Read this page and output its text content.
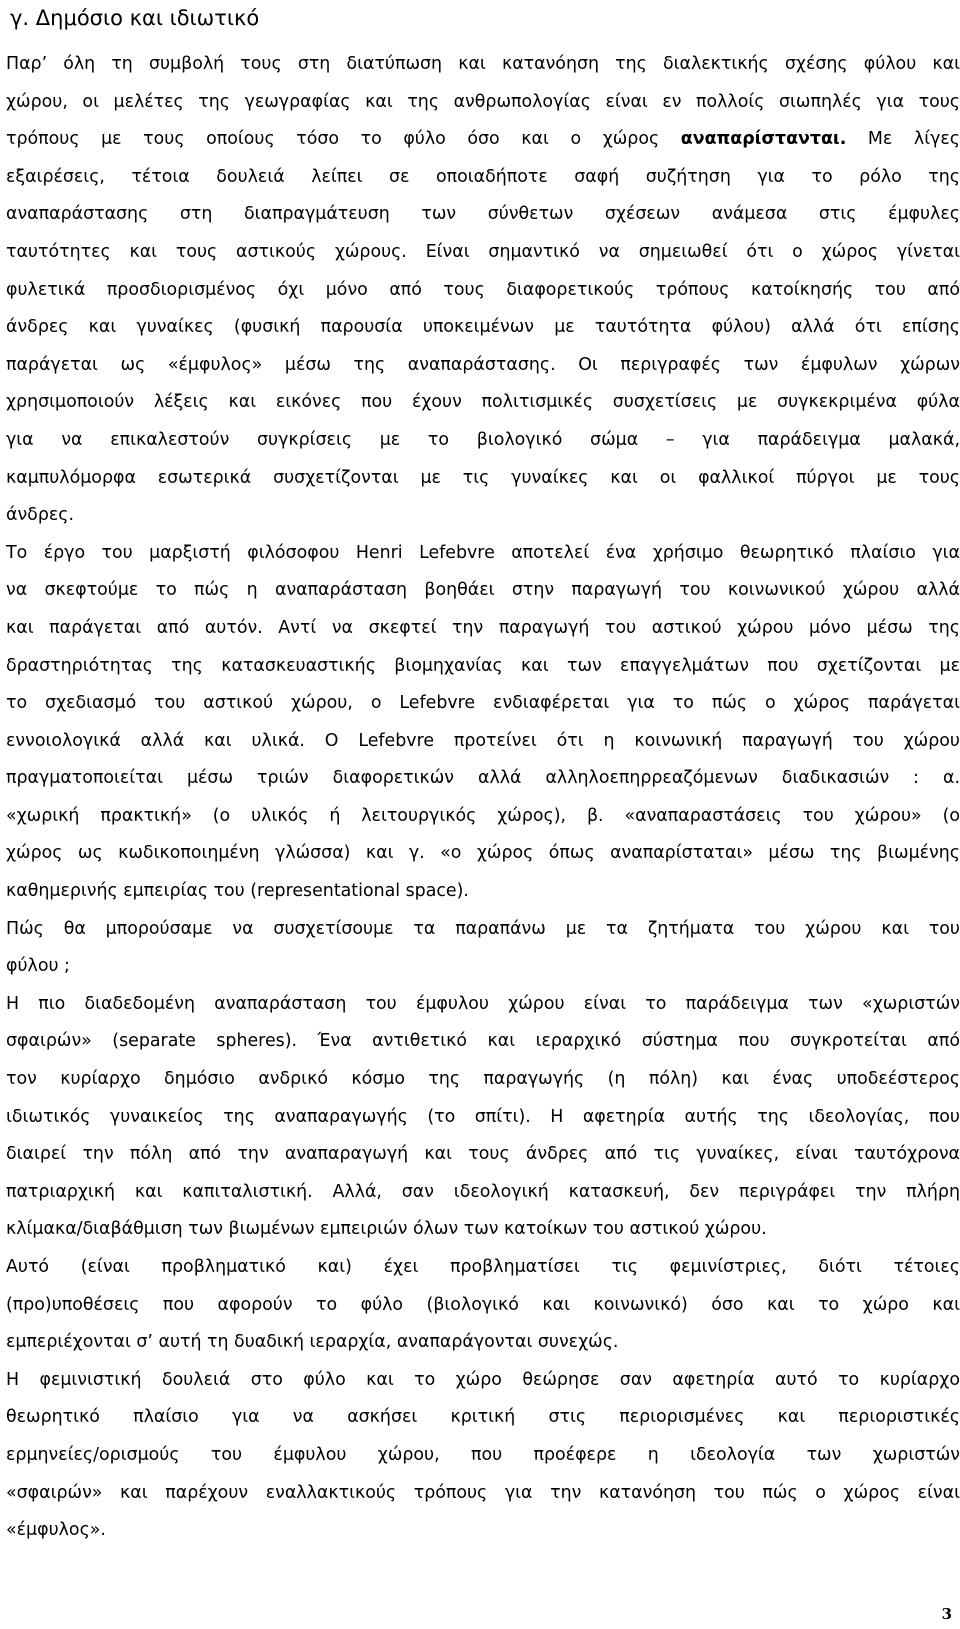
γ. Δημόσιο και ιδιωτικό
Παρ’ όλη τη συμβολή τους στη διατύπωση και κατανόηση της διαλεκτικής σχέσης φύλου και
χώρου, οι μελέτες της γεωγραφίας και της ανθρωπολογίας είναι εν πολλοίς σιωπηλές για τους
τρόπους με τους οποίους τόσο το φύλο όσο και ο χώρος αναπαρίστανται. Με λίγες
εξαιρέσεις, τέτοια δουλειά λείπει σε οποιαδήποτε σαφή συζήτηση για το ρόλο της
αναπαράστασης στη διαπραγμάτευση των σύνθετων σχέσεων ανάμεσα στις έμφυλες
ταυτότητες και τους αστικούς χώρους. Είναι σημαντικό να σημειωθεί ότι ο χώρος γίνεται
φυλετικά προσδιορισμένος όχι μόνο από τους διαφορετικούς τρόπους κατοίκησής του από
άνδρες και γυναίκες (φυσική παρουσία υποκειμένων με ταυτότητα φύλου) αλλά ότι επίσης
παράγεται ως «έμφυλος» μέσω της αναπαράστασης. Οι περιγραφές των έμφυλων χώρων
χρησιμοποιούν λέξεις και εικόνες που έχουν πολιτισμικές συσχετίσεις με συγκεκριμένα φύλα
για να επικαλεστούν συγκρίσεις με το βιολογικό σώμα – για παράδειγμα μαλακά,
καμπυλόμορφα εσωτερικά συσχετίζονται με τις γυναίκες και οι φαλλικοί πύργοι με τους
άνδρες.
Το έργο του μαρξιστή φιλόσοφου Henri Lefebvre αποτελεί ένα χρήσιμο θεωρητικό πλαίσιο για
να σκεφτούμε το πώς η αναπαράσταση βοηθάει στην παραγωγή του κοινωνικού χώρου αλλά
και παράγεται από αυτόν. Αντί να σκεφτεί την παραγωγή του αστικού χώρου μόνο μέσω της
δραστηριότητας της κατασκευαστικής βιομηχανίας και των επαγγελμάτων που σχετίζονται με
το σχεδιασμό του αστικού χώρου, ο Lefebvre ενδιαφέρεται για το πώς ο χώρος παράγεται
εννοιολογικά αλλά και υλικά. Ο Lefebvre προτείνει ότι η κοινωνική παραγωγή του χώρου
πραγματοποιείται μέσω τριών διαφορετικών αλλά αλληλοεπηρρεαζόμενων διαδικασιών : α.
«χωρική πρακτική» (ο υλικός ή λειτουργικός χώρος), β. «αναπαραστάσεις του χώρου» (ο
χώρος ως κωδικοποιημένη γλώσσα) και γ. «ο χώρος όπως αναπαρίσταται» μέσω της βιωμένης
καθημερινής εμπειρίας του (representational space).
Πώς θα μπορούσαμε να συσχετίσουμε τα παραπάνω με τα ζητήματα του χώρου και του
φύλου ;
Η πιο διαδεδομένη αναπαράσταση του έμφυλου χώρου είναι το παράδειγμα των «χωριστών
σφαιρών» (separate spheres). Ένα αντιθετικό και ιεραρχικό σύστημα που συγκροτείται από
τον κυρίαρχο δημόσιο ανδρικό κόσμο της παραγωγής (η πόλη) και ένας υποδεέστερος
ιδιωτικός γυναικείος της αναπαραγωγής (το σπίτι). Η αφετηρία αυτής της ιδεολογίας, που
διαιρεί την πόλη από την αναπαραγωγή και τους άνδρες από τις γυναίκες, είναι ταυτόχρονα
πατριαρχική και καπιταλιστική. Αλλά, σαν ιδεολογική κατασκευή, δεν περιγράφει την πλήρη
κλίμακα/διαβάθμιση των βιωμένων εμπειριών όλων των κατοίκων του αστικού χώρου.
Αυτό (είναι προβληματικό και) έχει προβληματίσει τις φεμινίστριες, διότι τέτοιες
(προ)υποθέσεις που αφορούν το φύλο (βιολογικό και κοινωνικό) όσο και το χώρο και
εμπεριέχονται σ’ αυτή τη δυαδική ιεραρχία, αναπαράγονται συνεχώς.
Η φεμινιστική δουλειά στο φύλο και το χώρο θεώρησε σαν αφετηρία αυτό το κυρίαρχο
θεωρητικό πλαίσιο για να ασκήσει κριτική στις περιορισμένες και περιοριστικές
ερμηνείες/ορισμούς του έμφυλου χώρου, που προέφερε η ιδεολογία των χωριστών
«σφαιρών» και παρέχουν εναλλακτικούς τρόπους για την κατανόηση του πώς ο χώρος είναι
«έμφυλος».
3
